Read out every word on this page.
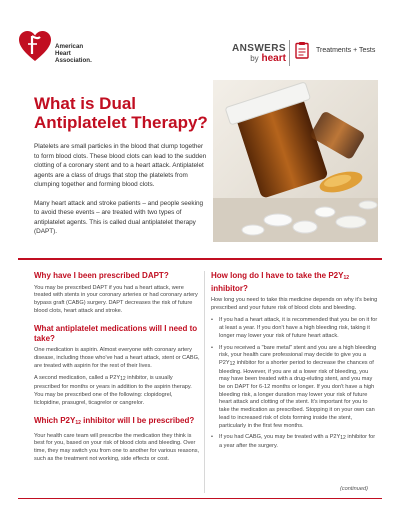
American
Heart
Association.
ANSWERS
by heart
Treatments + Tests
What is Dual Antiplatelet Therapy?

Platelets are small particles in the blood that clump together to form blood clots. These blood clots can lead to the sudden clotting of a coronary stent and to a heart attack. Antiplatelet agents are a class of drugs that stop the platelets from clumping together and forming blood clots.

Many heart attack and stroke patients – and people seeking to avoid these events – are treated with two types of antiplatelet agents. This is called dual antiplatelet therapy (DAPT).

Why have I been prescribed DAPT?

You may be prescribed DAPT if you had a heart attack, were treated with stents in your coronary arteries or had coronary artery bypass graft (CABG) surgery. DAPT decreases the risk of future blood clots, heart attack and stroke.

What antiplatelet medications will I need to take?

One medication is aspirin. Almost everyone with coronary artery disease, including those who've had a heart attack, stent or CABG, are treated with aspirin for the rest of their lives.

A second medication, called a $P2Y_{12}$ inhibitor, is usually prescribed for months or years in addition to the aspirin therapy. You may be prescribed one of the following: clopidogrel, ticlopidine, prasugrel, ticagrelor or cangrelor.

Which $P2Y_{12}$ inhibitor will I be prescribed?

Your health care team will prescribe the medication they think is best for you, based on your risk of blood clots and bleeding. Over time, they may switch you from one to another for various reasons, such as the treatment not working, side effects or cost.

How long do I have to take the $P2Y_{12}$ inhibitor?

How long you need to take this medicine depends on why it's being prescribed and your future risk of blood clots and bleeding.

• If you had a heart attack, it is recommended that you be on it for at least a year. If you don't have a high bleeding risk, taking it longer may lower your risk of future heart attack.
• If you received a "bare metal" stent and you are a high bleeding risk, your health care professional may decide to give you a $P2Y_{12}$ inhibitor for a shorter period to decrease the chances of bleeding. However, if you are at a lower risk of bleeding, you may have been treated with a drug-eluting stent, and you may be on DAPT for 6-12 months or longer. If you don't have a high bleeding risk, a longer duration may lower your risk of future heart attack and clotting of the stent. It's important for you to take the medication as prescribed. Stopping it on your own can lead to increased risk of clots forming inside the stent, particularly in the first few months.
• If you had CABG, you may be treated with a $P2Y_{12}$ inhibitor for a year after the surgery.
(continued)
